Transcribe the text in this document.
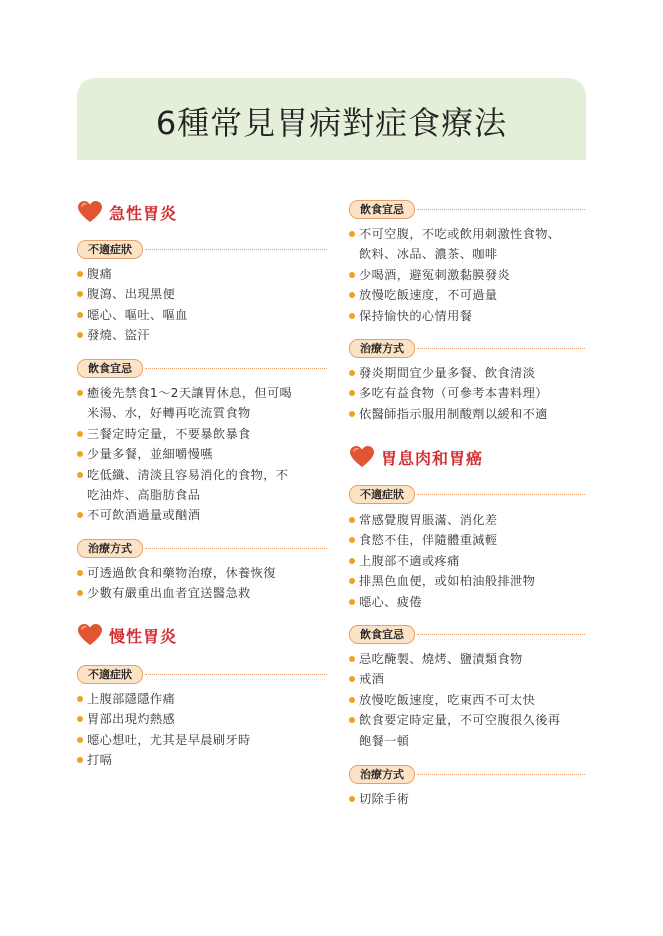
6種常見胃病對症食療法
急性胃炎
不適症狀
腹痛
腹瀉、出現黑便
噁心、嘔吐、嘔血
發燒、盜汗
飲食宜忌
癒後先禁食1～2天讓胃休息，但可喝
米湯、水，好轉再吃流質食物
三餐定時定量，不要暴飲暴食
少量多餐，並細嚼慢嚥
吃低纖、清淡且容易消化的食物，不
吃油炸、高脂肪食品
不可飲酒過量或酗酒
治療方式
可透過飲食和藥物治療，休養恢復
少數有嚴重出血者宜送醫急救
慢性胃炎
不適症狀
上腹部隱隱作痛
胃部出現灼熱感
噁心想吐，尤其是早晨刷牙時
打嗝
飲食宜忌
不可空腹，不吃或飲用刺激性食物、
飲料、冰品、濃茶、咖啡
少喝酒，避冤刺激黏膜發炎
放慢吃飯速度，不可過量
保持愉快的心情用餐
治療方式
發炎期間宜少量多餐、飲食清淡
多吃有益食物（可參考本書料理）
依醫師指示服用制酸劑以緩和不適
胃息肉和胃癌
不適症狀
常感覺腹胃脹滿、消化差
食慾不佳，伴隨體重減輕
上腹部不適或疼痛
排黑色血便，或如柏油般排泄物
噁心、疲倦
飲食宜忌
忌吃醃製、燒烤、鹽漬類食物
戒酒
放慢吃飯速度，吃東西不可太快
飲食要定時定量，不可空腹很久後再
飽餐一頓
治療方式
切除手術
